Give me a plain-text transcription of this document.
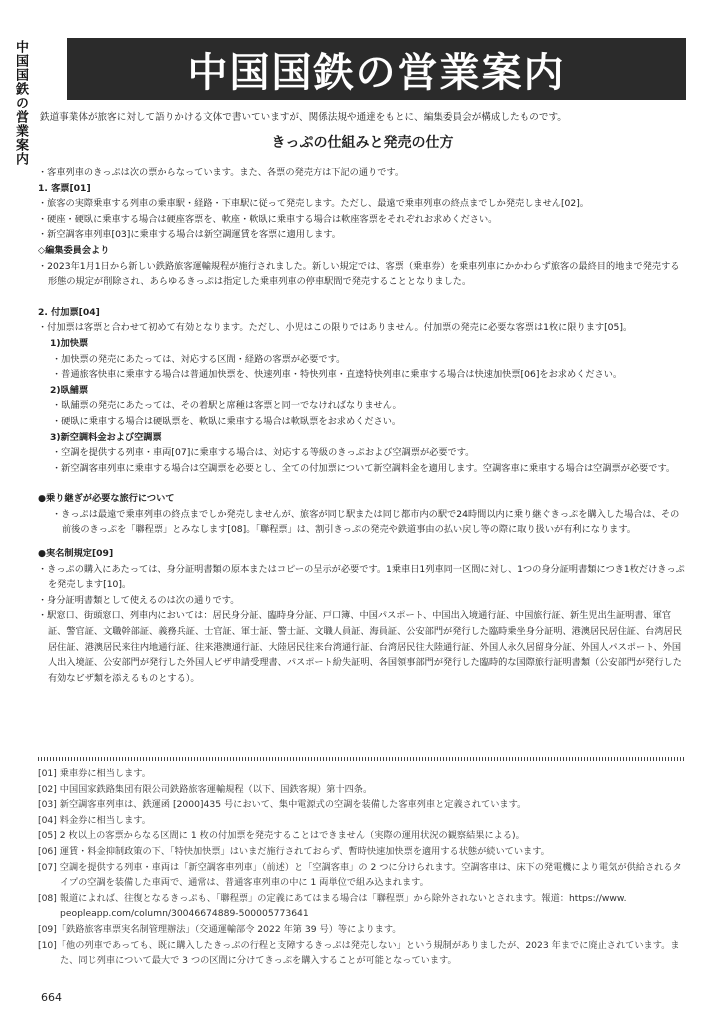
中国国鉄の営業案内	中国国鉄の営業案内
鉄道事業体が旅客に対して語りかける文体で書いていますが、関係法規や通達をもとに、編集委員会が構成したものです。
きっぷの仕組みと発売の仕方

・客車列車のきっぷは次の票からなっています。また、各票の発売方は下記の通りです。

1. 客票[01]

・旅客の実際乗車する列車の乗車駅・経路・下車駅に従って発売します。ただし、最遠で乗車列車の終点までしか発売しません[02]。

・硬座・硬臥に乗車する場合は硬座客票を、軟座・軟臥に乗車する場合は軟座客票をそれぞれお求めください。

・新空調客車列車[03]に乗車する場合は新空調運賃を客票に適用します。

◇編集委員会より

・2023年1月1日から新しい鉄路旅客運輸規程が施行されました。新しい規定では、客票（乗車券）を乗車列車にかかわらず旅客の最終目的地まで発売する形態の規定が削除され、あらゆるきっぷは指定した乗車列車の停車駅間で発売することとなりました。

2. 付加票[04]

・付加票は客票と合わせて初めて有効となります。ただし、小児はこの限りではありません。付加票の発売に必要な客票は1枚に限ります[05]。

1)加快票

・加快票の発売にあたっては、対応する区間・経路の客票が必要です。

・普通旅客快車に乗車する場合は普通加快票を、快速列車・特快列車・直達特快列車に乗車する場合は快速加快票[06]をお求めください。

2)臥舗票

・臥舗票の発売にあたっては、その着駅と席種は客票と同一でなければなりません。

・硬臥に乗車する場合は硬臥票を、軟臥に乗車する場合は軟臥票をお求めください。

3)新空調料金および空調票

・空調を提供する列車・車両[07]に乗車する場合は、対応する等級のきっぷおよび空調票が必要です。

・新空調客車列車に乗車する場合は空調票を必要とし、全ての付加票について新空調料金を適用します。空調客車に乗車する場合は空調票が必要です。

●乗り継ぎが必要な旅行について

・きっぷは最遠で乗車列車の終点までしか発売しませんが、旅客が同じ駅または同じ都市内の駅で24時間以内に乗り継ぐきっぷを購入した場合は、その前後のきっぷを「聯程票」とみなします[08]。「聯程票」は、割引きっぷの発売や鉄道事由の払い戻し等の際に取り扱いが有利になります。

●実名制規定[09]

・きっぷの購入にあたっては、身分証明書類の原本またはコピーの呈示が必要です。1乗車日1列車同一区間に対し、1つの身分証明書類につき1枚だけきっぷを発売します[10]。

・身分証明書類として使えるのは次の通りです。

・駅窓口、街頭窓口、列車内においては：居民身分証、臨時身分証、戸口簿、中国パスポート、中国出入境通行証、中国旅行証、新生児出生証明書、軍官証、警官証、文職幹部証、義務兵証、士官証、軍士証、警士証、文職人員証、海員証、公安部門が発行した臨時乗坐身分証明、港澳居民居住証、台湾居民居住証、港澳居民来往内地通行証、往来港澳通行証、大陸居民往来台湾通行証、台湾居民往大陸通行証、外国人永久居留身分証、外国人パスポート、外国人出入境証、公安部門が発行した外国人ビザ申請受理書、パスポート紛失証明、各国領事部門が発行した臨時的な国際旅行証明書類（公安部門が発行した有効なビザ類を添えるものとする）。

[01] 乗車券に相当します。

[02] 中国国家鉄路集団有限公司鉄路旅客運輸規程（以下、国鉄客規）第十四条。

[03] 新空調客車列車は、鉄運函 [2000]435 号において、集中電源式の空調を装備した客車列車と定義されています。

[04] 料金券に相当します。

[05] 2 枚以上の客票からなる区間に 1 枚の付加票を発売することはできません（実際の運用状況の観察結果による)。

[06] 運賃・料金抑制政策の下、「特快加快票」はいまだ施行されておらず、暫時快速加快票を適用する状態が続いています。

[07] 空調を提供する列車・車両は「新空調客車列車」（前述）と「空調客車」の 2 つに分けられます。空調客車は、床下の発電機により電気が供給されるタイプの空調を装備した車両で、通常は、普通客車列車の中に 1 両単位で組み込まれます。

[08] 報道によれば、往復となるきっぷも、「聯程票」の定義にあてはまる場合は「聯程票」から除外されないとされます。報道：https://www. peopleapp.com/column/30046674889-500005773641

[09]「鉄路旅客車票実名制管理辦法」（交通運輸部令 2022 年第 39 号）等によります。

[10]「他の列車であっても、既に購入したきっぷの行程と支障するきっぷは発売しない」という規制がありましたが、2023 年までに廃止されています。また、同じ列車について最大で 3 つの区間に分けてきっぷを購入することが可能となっています。

664
